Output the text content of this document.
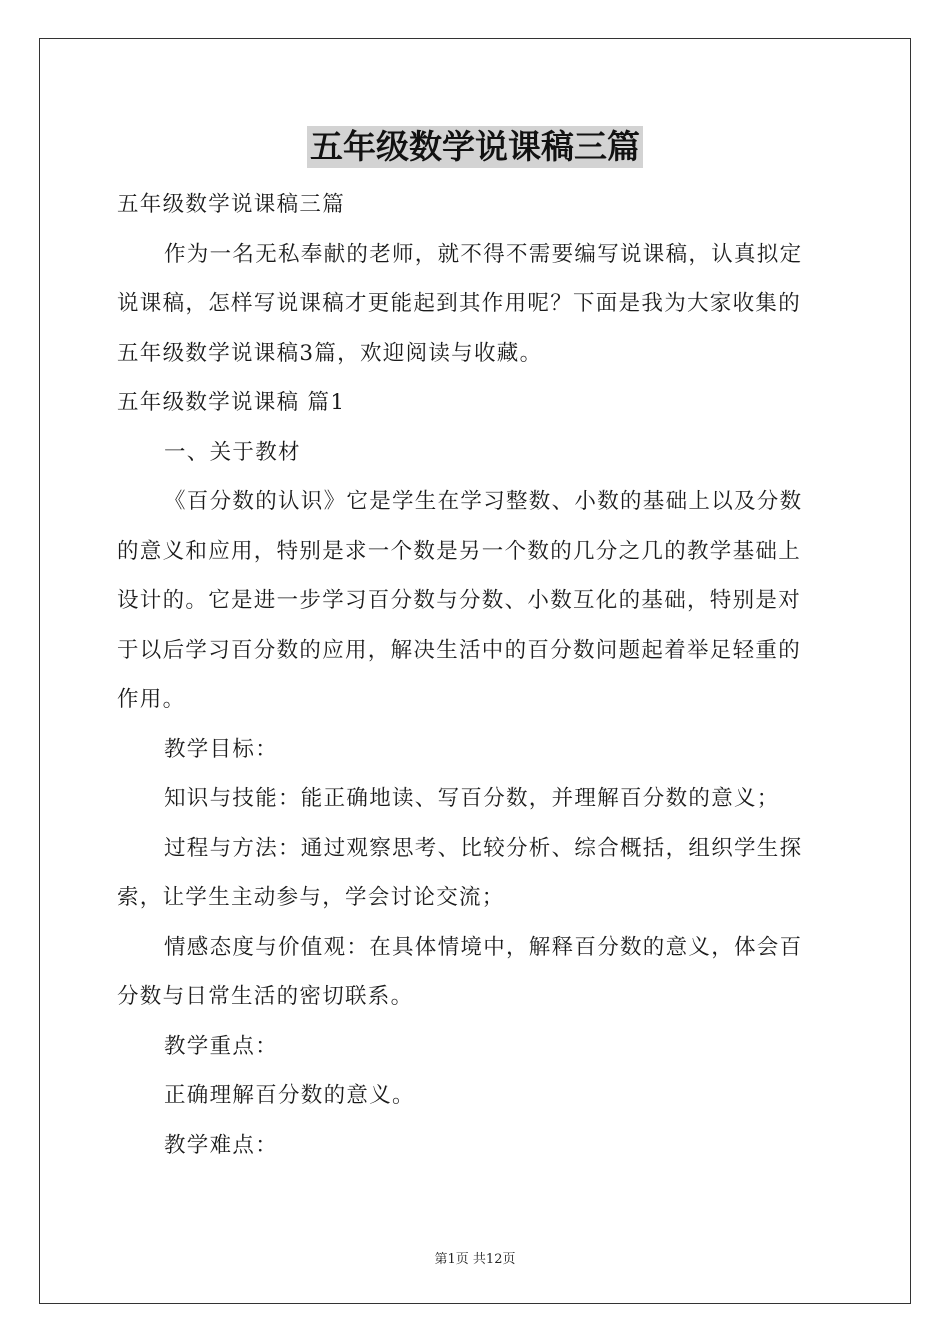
五年级数学说课稿三篇
五年级数学说课稿三篇
作为一名无私奉献的老师，就不得不需要编写说课稿，认真拟定
说课稿，怎样写说课稿才更能起到其作用呢？下面是我为大家收集的
五年级数学说课稿3篇，欢迎阅读与收藏。
五年级数学说课稿 篇1
一、关于教材
《百分数的认识》它是学生在学习整数、小数的基础上以及分数
的意义和应用，特别是求一个数是另一个数的几分之几的教学基础上
设计的。它是进一步学习百分数与分数、小数互化的基础，特别是对
于以后学习百分数的应用，解决生活中的百分数问题起着举足轻重的
作用。
教学目标：
知识与技能：能正确地读、写百分数，并理解百分数的意义；
过程与方法：通过观察思考、比较分析、综合概括，组织学生探
索，让学生主动参与，学会讨论交流；
情感态度与价值观：在具体情境中，解释百分数的意义，体会百
分数与日常生活的密切联系。
教学重点：
正确理解百分数的意义。
教学难点：
第1页 共12页
